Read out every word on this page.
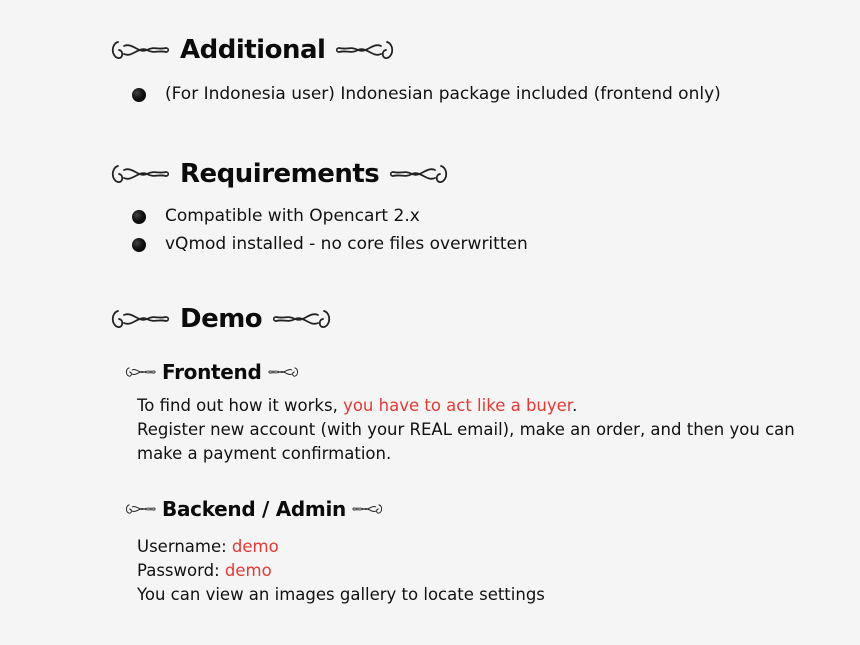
Additional
(For Indonesia user) Indonesian package included (frontend only)
Requirements
Compatible with Opencart 2.x
vQmod installed - no core files overwritten
Demo
Frontend
To find out how it works, you have to act like a buyer.
Register new account (with your REAL email), make an order, and then you can
make a payment confirmation.
Backend / Admin
Username: demo
Password: demo
You can view an images gallery to locate settings
